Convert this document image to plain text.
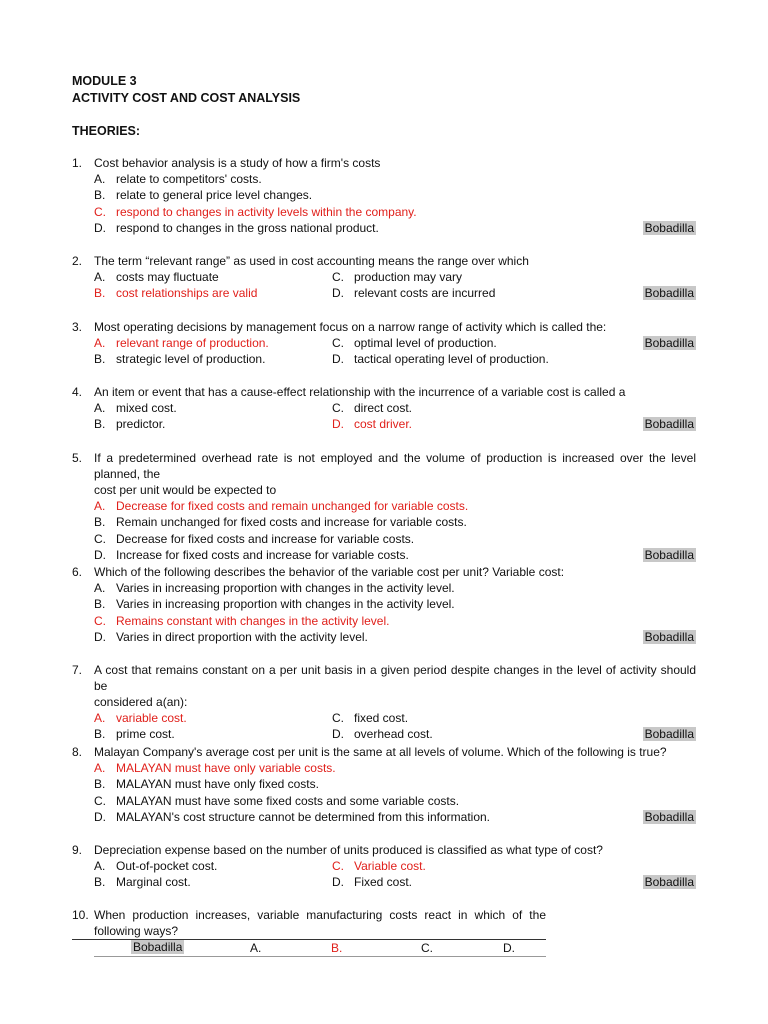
MODULE 3
ACTIVITY COST AND COST ANALYSIS
THEORIES:
1. Cost behavior analysis is a study of how a firm's costs
A. relate to competitors' costs.
B. relate to general price level changes.
C. respond to changes in activity levels within the company.
D. respond to changes in the gross national product.	Bobadilla
2. The term “relevant range” as used in cost accounting means the range over which
A. costs may fluctuate	C. production may vary
B. cost relationships are valid	D. relevant costs are incurred	Bobadilla
3. Most operating decisions by management focus on a narrow range of activity which is called the:
A. relevant range of production.	C. optimal level of production.	Bobadilla
B. strategic level of production.	D. tactical operating level of production.
4. An item or event that has a cause-effect relationship with the incurrence of a variable cost is called a
A. mixed cost.	C. direct cost.
B. predictor.	D. cost driver.	Bobadilla
5. If a predetermined overhead rate is not employed and the volume of production is increased over the level planned, the
cost per unit would be expected to
A. Decrease for fixed costs and remain unchanged for variable costs.
B. Remain unchanged for fixed costs and increase for variable costs.
C. Decrease for fixed costs and increase for variable costs.
D. Increase for fixed costs and increase for variable costs.	Bobadilla
6. Which of the following describes the behavior of the variable cost per unit? Variable cost:
A. Varies in increasing proportion with changes in the activity level.
B. Varies in increasing proportion with changes in the activity level.
C. Remains constant with changes in the activity level.
D. Varies in direct proportion with the activity level.	Bobadilla
7. A cost that remains constant on a per unit basis in a given period despite changes in the level of activity should be
considered a(an):
A. variable cost.	C. fixed cost.
B. prime cost.	D. overhead cost.	Bobadilla
8. Malayan Company's average cost per unit is the same at all levels of volume. Which of the following is true?
A. MALAYAN must have only variable costs.
B. MALAYAN must have only fixed costs.
C. MALAYAN must have some fixed costs and some variable costs.
D. MALAYAN's cost structure cannot be determined from this information.	Bobadilla
9. Depreciation expense based on the number of units produced is classified as what type of cost?
A. Out-of-pocket cost.	C. Variable cost.
B. Marginal cost.	D. Fixed cost.	Bobadilla
10. When production increases, variable manufacturing costs react in which of the following ways?
Bobadilla	A.	B.	C.	D.
